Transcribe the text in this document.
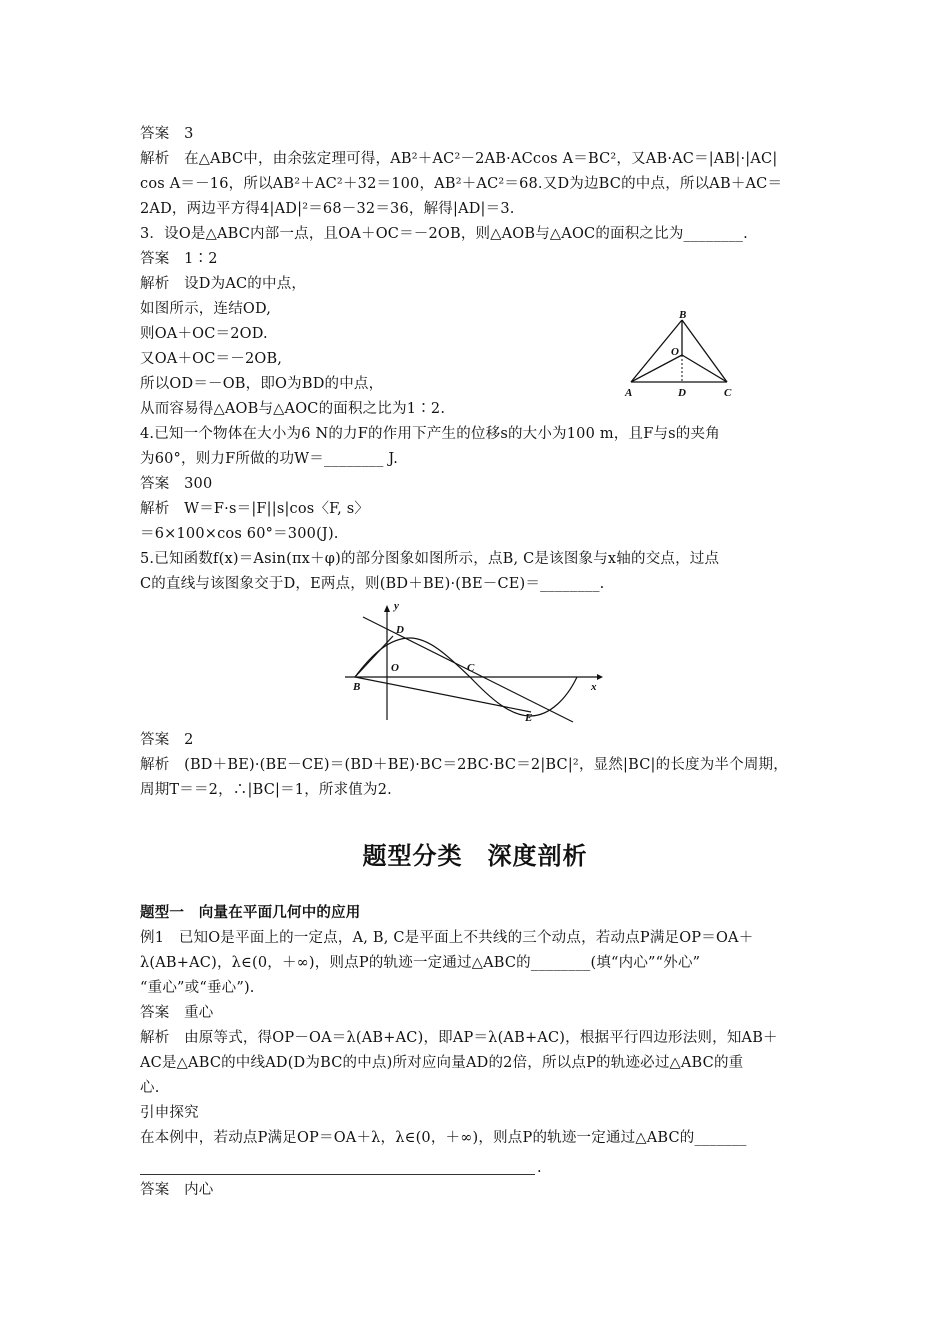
答案　3
解析　在△ABC中，由余弦定理可得，AB²＋AC²－2AB·ACcos A＝BC²，又AB·AC＝|AB|·|AC|
cos A＝－16，所以AB²＋AC²＋32＝100，AB²＋AC²＝68.又D为边BC的中点，所以AB＋AC＝
2AD，两边平方得4|AD|²＝68－32＝36，解得|AD|＝3.
3．设O是△ABC内部一点，且OA＋OC＝－2OB，则△AOB与△AOC的面积之比为________.
答案　1∶2
解析　设D为AC的中点，
如图所示，连结OD,
则OA＋OC＝2OD.
又OA＋OC＝－2OB,
所以OD＝－OB，即O为BD的中点，
从而容易得△AOB与△AOC的面积之比为1∶2.
4.已知一个物体在大小为6 N的力F的作用下产生的位移s的大小为100 m，且F与s的夹角
为60°，则力F所做的功W＝________ J.
答案　300
解析　W＝F·s＝|F||s|cos〈F, s〉
＝6×100×cos 60°＝300(J).
5.已知函数f(x)＝Asin(πx＋φ)的部分图象如图所示，点B, C是该图象与x轴的交点，过点
C的直线与该图象交于D，E两点，则(BD＋BE)·(BE－CE)＝________.
答案　2
解析　(BD＋BE)·(BE－CE)＝(BD＋BE)·BC＝2BC·BC＝2|BC|²，显然|BC|的长度为半个周期，
周期T＝＝2，∴|BC|＝1，所求值为2.
题型分类　深度剖析
题型一　向量在平面几何中的应用
例1　已知O是平面上的一定点，A, B, C是平面上不共线的三个动点，若动点P满足OP＝OA＋
λ(AB+AC)，λ∈(0，＋∞)，则点P的轨迹一定通过△ABC的________(填“内心”“外心”
“重心”或“垂心”).
答案　重心
解析　由原等式，得OP－OA＝λ(AB+AC)，即AP＝λ(AB+AC)，根据平行四边形法则，知AB＋
AC是△ABC的中线AD(D为BC的中点)所对应向量AD的2倍，所以点P的轨迹必过△ABC的重
心.
引申探究
在本例中，若动点P满足OP＝OA＋λ，λ∈(0，＋∞)，则点P的轨迹一定通过△ABC的_______
.
答案　内心
B
O
A	D	C
y
x
D
O	C
B
E
